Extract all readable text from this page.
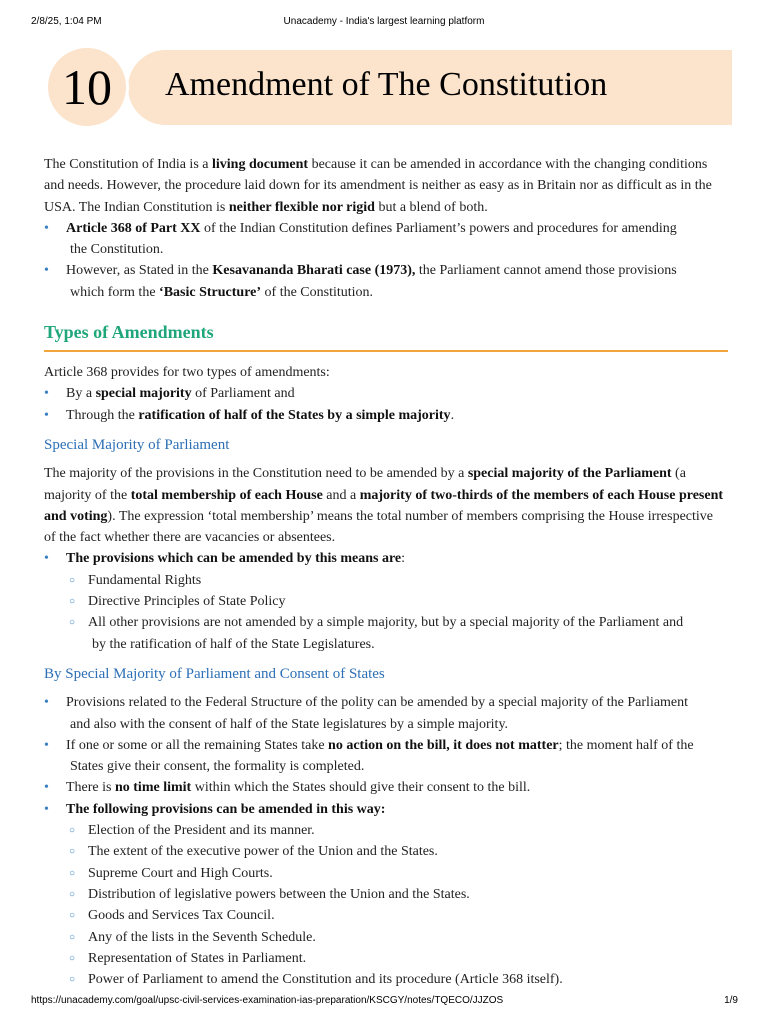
2/8/25, 1:04 PM	Unacademy - India's largest learning platform
10	Amendment of The Constitution

The Constitution of India is a living document because it can be amended in accordance with the changing conditions and needs. However, the procedure laid down for its amendment is neither as easy as in Britain nor as difficult as in the USA. The Indian Constitution is neither flexible nor rigid but a blend of both.

• Article 368 of Part XX of the Indian Constitution defines Parliament’s powers and procedures for amending
the Constitution.
• However, as Stated in the Kesavananda Bharati case (1973), the Parliament cannot amend those provisions
which form the ‘Basic Structure’ of the Constitution.
Types of Amendments

Article 368 provides for two types of amendments:

• By a special majority of Parliament and
• Through the ratification of half of the States by a simple majority.
Special Majority of Parliament

The majority of the provisions in the Constitution need to be amended by a special majority of the Parliament (a majority of the total membership of each House and a majority of two-thirds of the members of each House present and voting). The expression ‘total membership’ means the total number of members comprising the House irrespective of the fact whether there are vacancies or absentees.

• The provisions which can be amended by this means are:
○ Fundamental Rights
○ Directive Principles of State Policy
○ All other provisions are not amended by a simple majority, but by a special majority of the Parliament and
by the ratification of half of the State Legislatures.
By Special Majority of Parliament and Consent of States
• Provisions related to the Federal Structure of the polity can be amended by a special majority of the Parliament
and also with the consent of half of the State legislatures by a simple majority.
• If one or some or all the remaining States take no action on the bill, it does not matter; the moment half of the
States give their consent, the formality is completed.
• There is no time limit within which the States should give their consent to the bill.
• The following provisions can be amended in this way:
○ Election of the President and its manner.
○ The extent of the executive power of the Union and the States.
○ Supreme Court and High Courts.
○ Distribution of legislative powers between the Union and the States.
○ Goods and Services Tax Council.
○ Any of the lists in the Seventh Schedule.
○ Representation of States in Parliament.
○ Power of Parliament to amend the Constitution and its procedure (Article 368 itself).
https://unacademy.com/goal/upsc-civil-services-examination-ias-preparation/KSCGY/notes/TQECO/JJZOS	1/9
